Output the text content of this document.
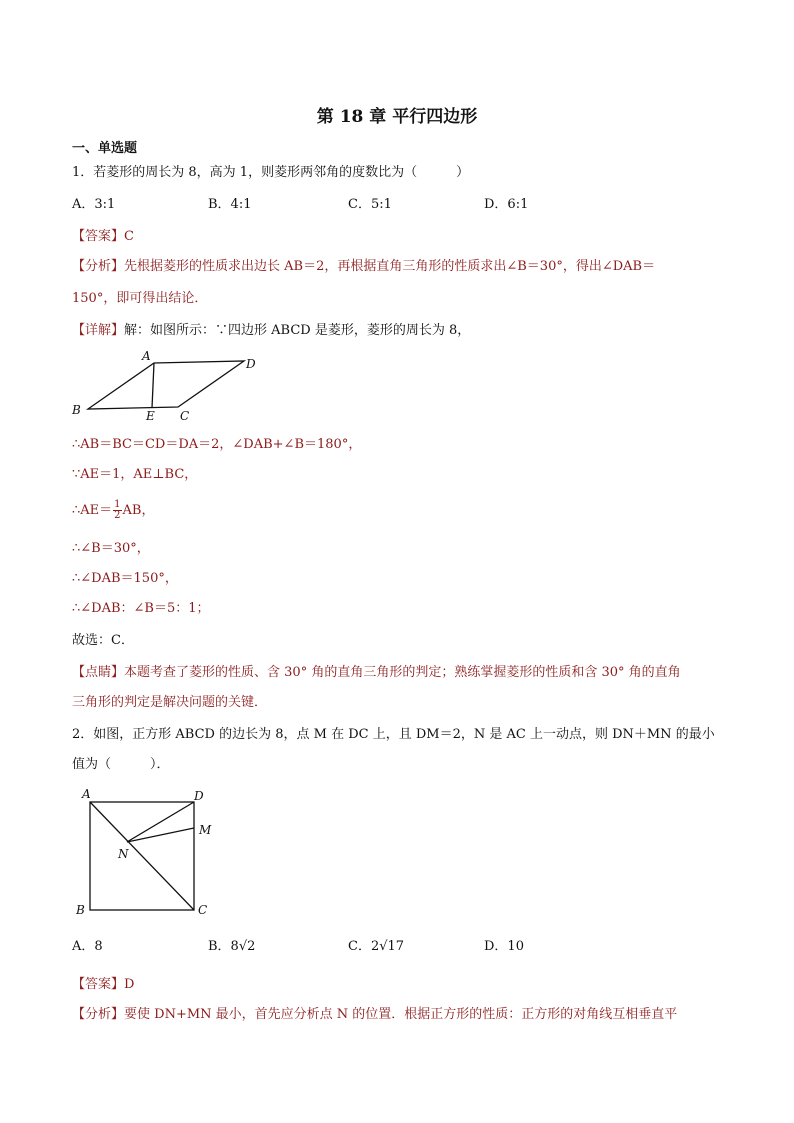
第 18 章 平行四边形
一、单选题
1．若菱形的周长为 8，高为 1，则菱形两邻角的度数比为（　　　）
A．3:1	B．4:1	C．5:1	D．6:1
【答案】C
【分析】先根据菱形的性质求出边长 AB＝2，再根据直角三角形的性质求出∠B＝30°，得出∠DAB＝
150°，即可得出结论．
【详解】解：如图所示：∵四边形 ABCD 是菱形，菱形的周长为 8，
A
D
B	E C
∴AB＝BC＝CD＝DA＝2，∠DAB+∠B＝180°，
∵AE＝1，AE⊥BC，
∴AE＝ $\frac{1}{2}$ AB，
∴∠B＝30°，
∴∠DAB＝150°，
∴∠DAB：∠B＝5：1；
故选：C．
【点睛】本题考查了菱形的性质、含 30° 角的直角三角形的判定；熟练掌握菱形的性质和含 30° 角的直角
三角形的判定是解决问题的关键．
2．如图，正方形 ABCD 的边长为 8，点 M 在 DC 上，且 DM＝2，N 是 AC 上一动点，则 DN＋MN 的最小
值为（　　　）．
A	D
M
N
B	C
A．8	B．8√2	C．2√17	D．10
【答案】D
【分析】要使 DN+MN 最小，首先应分析点 N 的位置．根据正方形的性质：正方形的对角线互相垂直平
